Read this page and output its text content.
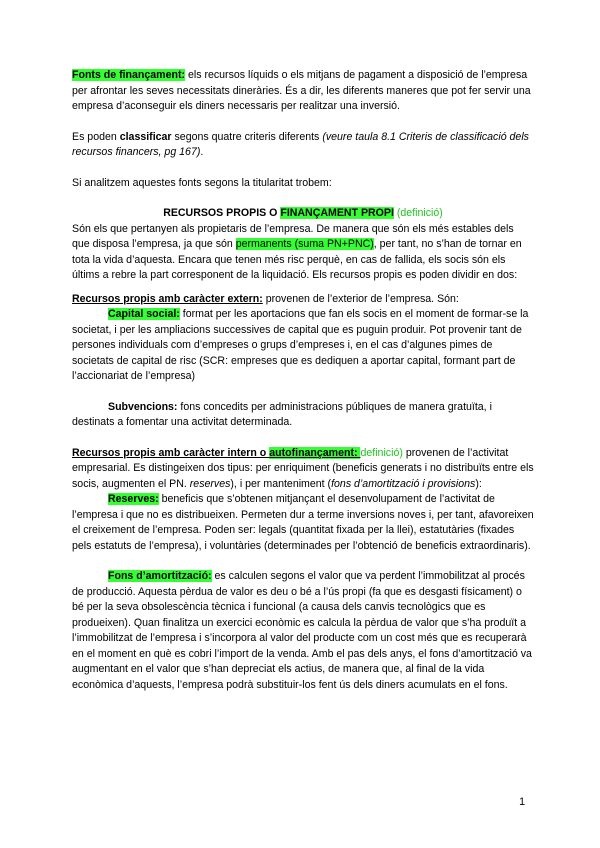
Fonts de finançament: els recursos líquids o els mitjans de pagament a disposició de l’empresa per afrontar les seves necessitats dineràries. És a dir, les diferents maneres que pot fer servir una empresa d’aconseguir els diners necessaris per realitzar una inversió.

Es poden classificar segons quatre criteris diferents (veure taula 8.1 Criteris de classificació dels recursos financers, pg 167).

Si analitzem aquestes fonts segons la titularitat trobem:

RECURSOS PROPIS O FINANÇAMENT PROPI (definició)

Són els que pertanyen als propietaris de l’empresa. De manera que són els més estables dels que disposa l’empresa, ja que són permanents (suma PN+PNC), per tant, no s’han de tornar en tota la vida d’aquesta. Encara que tenen més risc perquè, en cas de fallida, els socis són els últims a rebre la part corresponent de la liquidació. Els recursos propis es poden dividir en dos:

Recursos propis amb caràcter extern: provenen de l’exterior de l’empresa. Són:

Capital social: format per les aportacions que fan els socis en el moment de formar-se la societat, i per les ampliacions successives de capital que es puguin produir. Pot provenir tant de persones individuals com d’empreses o grups d’empreses i, en el cas d’algunes pimes de societats de capital de risc (SCR: empreses que es dediquen a aportar capital, formant part de l’accionariat de l’empresa)

Subvencions: fons concedits per administracions públiques de manera gratuïta, i destinats a fomentar una activitat determinada.

Recursos propis amb caràcter intern o autofinançament: definició) provenen de l’activitat empresarial. Es distingeixen dos tipus: per enriquiment (beneficis generats i no distribuïts entre els socis, augmenten el PN. reserves), i per manteniment (fons d’amortització i provisions):

Reserves: beneficis que s’obtenen mitjançant el desenvolupament de l’activitat de l’empresa i que no es distribueixen. Permeten dur a terme inversions noves i, per tant, afavoreixen el creixement de l’empresa. Poden ser: legals (quantitat fixada per la llei), estatutàries (fixades pels estatuts de l’empresa), i voluntàries (determinades per l’obtenció de beneficis extraordinaris).

Fons d’amortització: es calculen segons el valor que va perdent l’immobilitzat al procés de producció. Aquesta pèrdua de valor es deu o bé a l’ús propi (fa que es desgasti físicament) o bé per la seva obsolescència tècnica i funcional (a causa dels canvis tecnològics que es produeixen). Quan finalitza un exercici econòmic es calcula la pèrdua de valor que s’ha produït a l’immobilitzat de l’empresa i s’incorpora al valor del producte com un cost més que es recuperarà en el moment en què es cobri l’import de la venda. Amb el pas dels anys, el fons d’amortització va augmentant en el valor que s’han depreciat els actius, de manera que, al final de la vida econòmica d’aquests, l’empresa podrà substituir-los fent ús dels diners acumulats en el fons.

1
